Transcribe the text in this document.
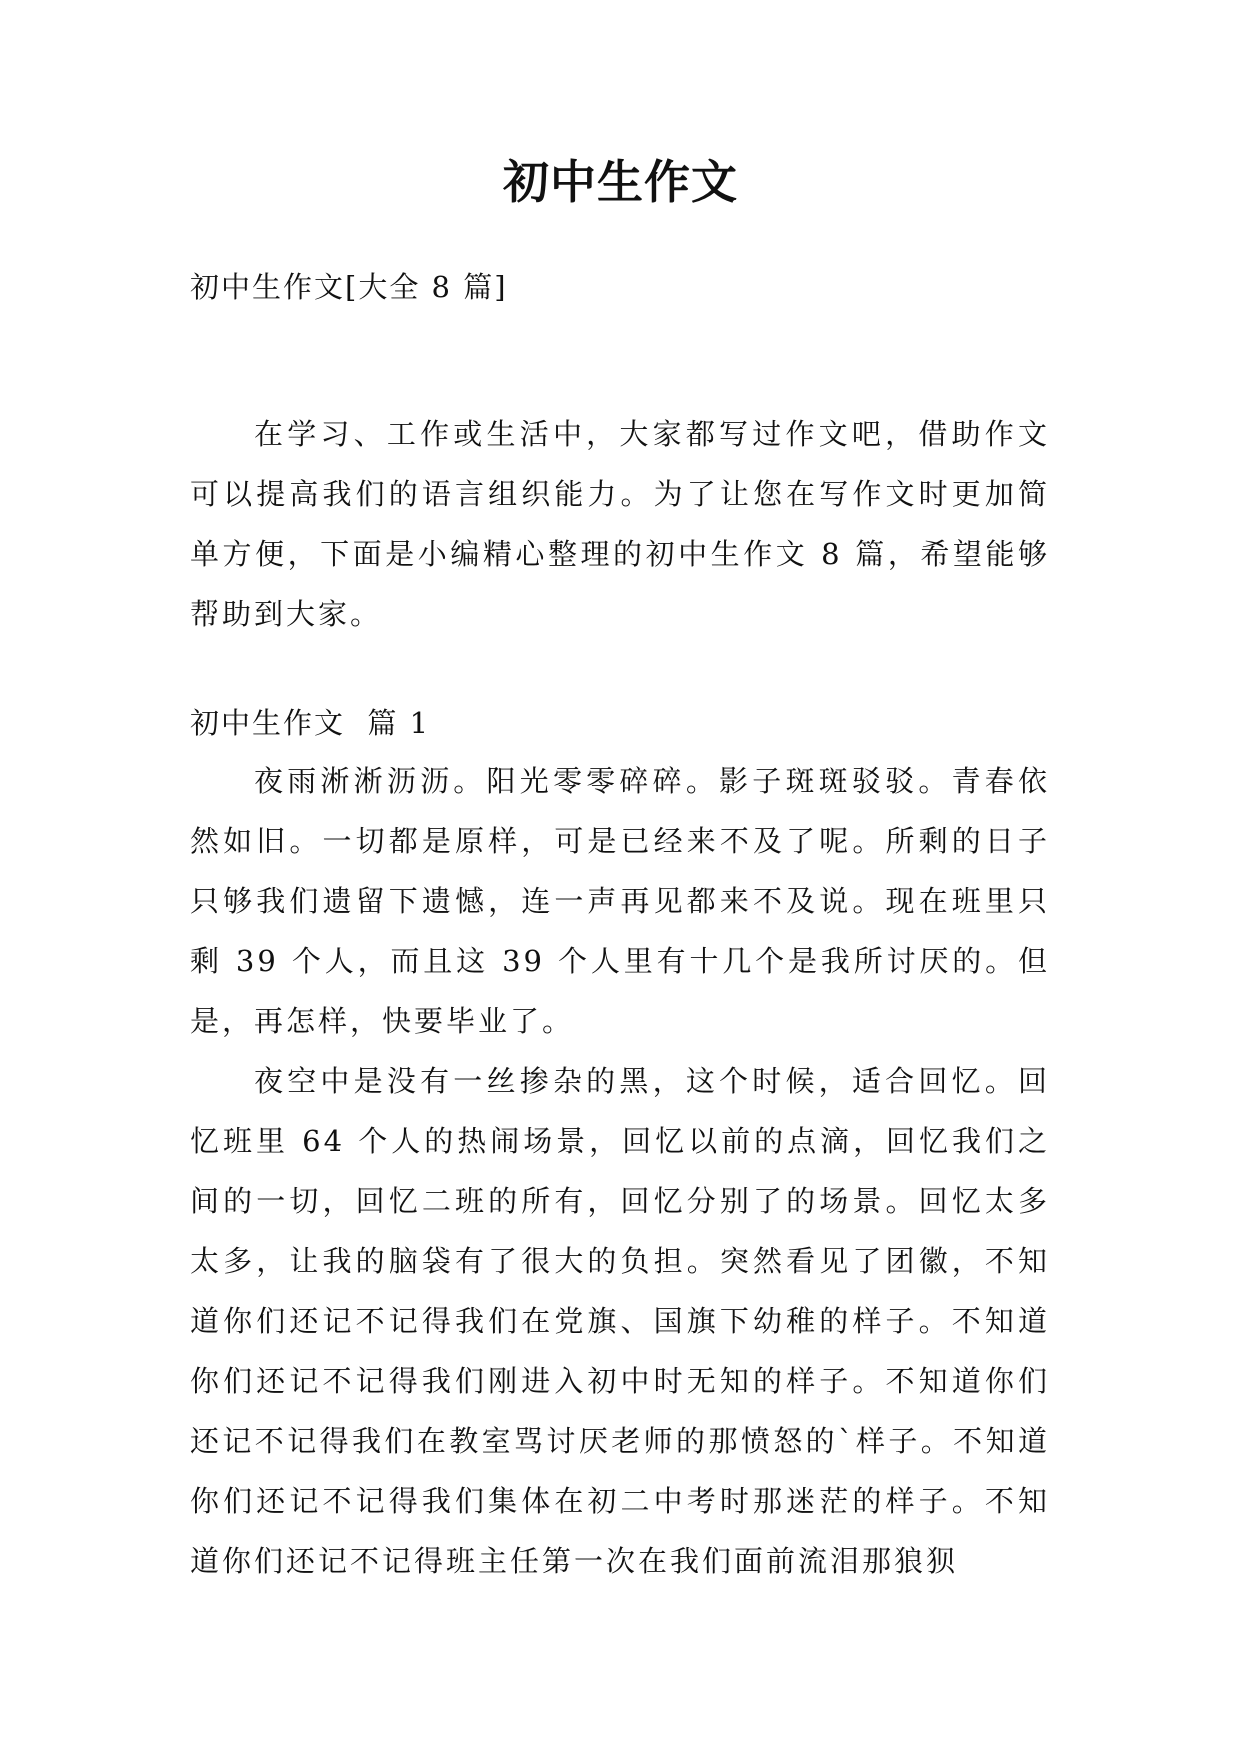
初中生作文

初中生作文[大全 8 篇]

在学习、工作或生活中，大家都写过作文吧，借助作文可以提高我们的语言组织能力。为了让您在写作文时更加简单方便，下面是小编精心整理的初中生作文 8 篇，希望能够帮助到大家。

初中生作文  篇 1

夜雨淅淅沥沥。阳光零零碎碎。影子斑斑驳驳。青春依然如旧。一切都是原样，可是已经来不及了呢。所剩的日子只够我们遗留下遗憾，连一声再见都来不及说。现在班里只剩 39 个人，而且这 39 个人里有十几个是我所讨厌的。但是，再怎样，快要毕业了。

夜空中是没有一丝掺杂的黑，这个时候，适合回忆。回忆班里 64 个人的热闹场景，回忆以前的点滴，回忆我们之间的一切，回忆二班的所有，回忆分别了的场景。回忆太多太多，让我的脑袋有了很大的负担。突然看见了团徽，不知道你们还记不记得我们在党旗、国旗下幼稚的样子。不知道你们还记不记得我们刚进入初中时无知的样子。不知道你们还记不记得我们在教室骂讨厌老师的那愤怒的`样子。不知道你们还记不记得我们集体在初二中考时那迷茫的样子。不知道你们还记不记得班主任第一次在我们面前流泪那狼狈
